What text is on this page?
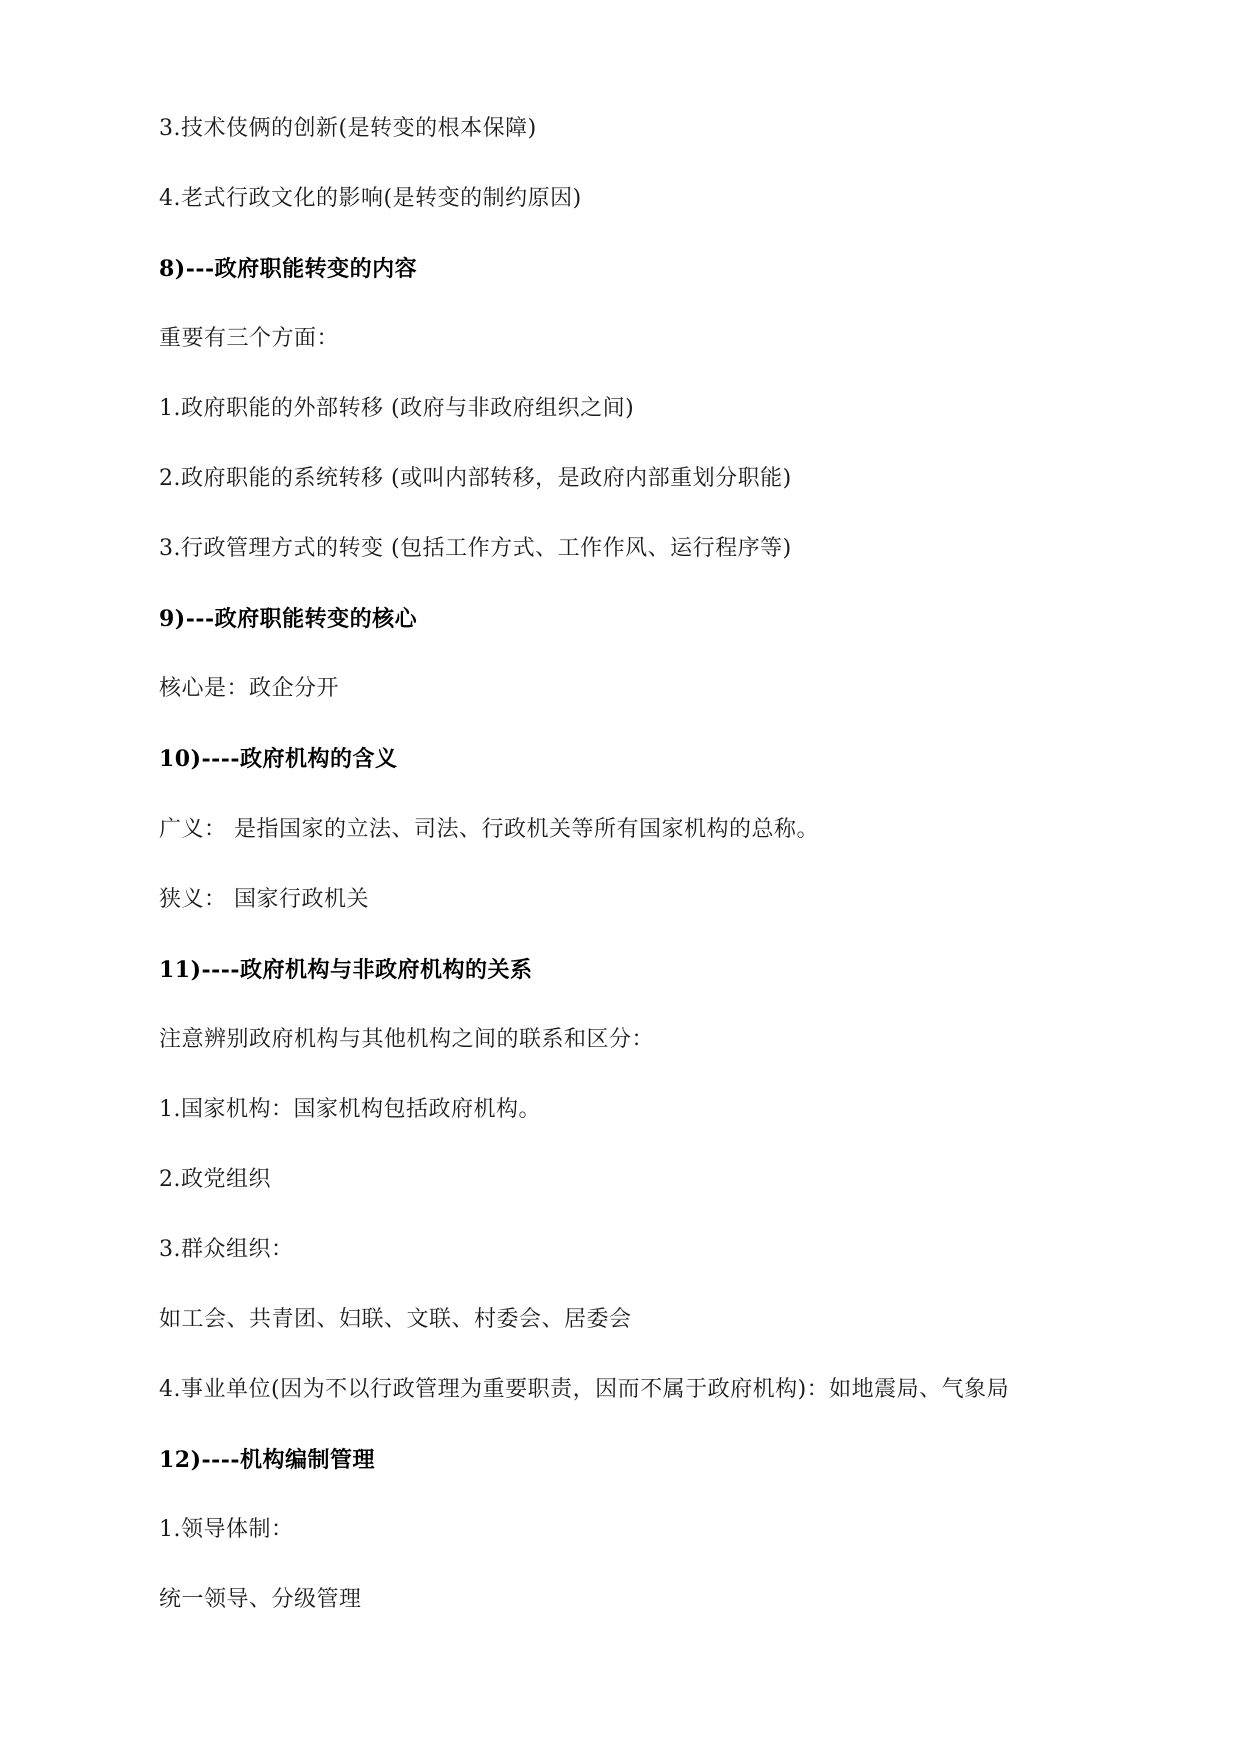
3.技术伎俩的创新(是转变的根本保障)
4.老式行政文化的影响(是转变的制约原因)
8)---政府职能转变的内容
重要有三个方面：
1.政府职能的外部转移 (政府与非政府组织之间)
2.政府职能的系统转移 (或叫内部转移，是政府内部重划分职能)
3.行政管理方式的转变 (包括工作方式、工作作风、运行程序等)
9)---政府职能转变的核心
核心是：政企分开
10)----政府机构的含义
广义： 是指国家的立法、司法、行政机关等所有国家机构的总称。
狭义： 国家行政机关
11)----政府机构与非政府机构的关系
注意辨别政府机构与其他机构之间的联系和区分：
1.国家机构：国家机构包括政府机构。
2.政党组织
3.群众组织：
如工会、共青团、妇联、文联、村委会、居委会
4.事业单位(因为不以行政管理为重要职责，因而不属于政府机构)：如地震局、气象局
12)----机构编制管理
1.领导体制：
统一领导、分级管理
